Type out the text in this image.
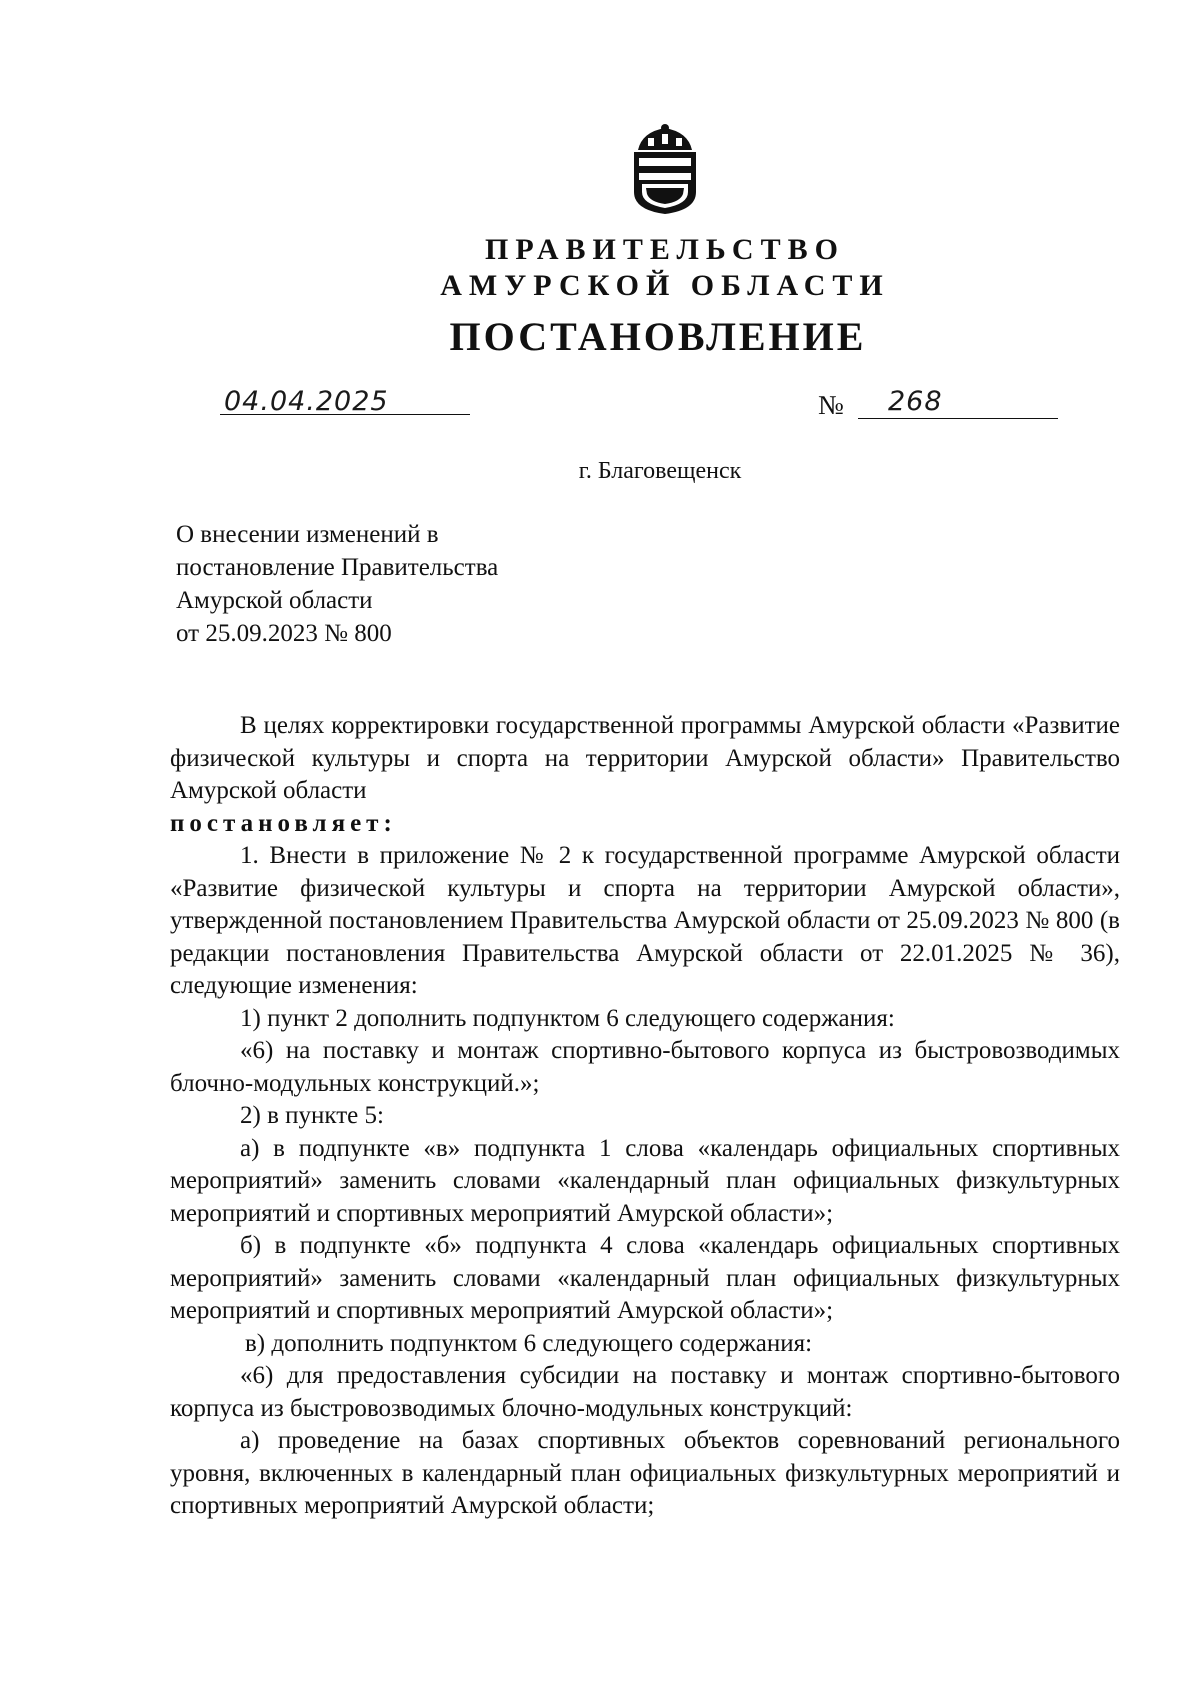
ПРАВИТЕЛЬСТВО
АМУРСКОЙ ОБЛАСТИ
ПОСТАНОВЛЕНИЕ
04.04.2025	№ 268
г. Благовещенск
О внесении изменений в
постановление Правительства
Амурской области
от 25.09.2023 № 800

В целях корректировки государственной программы Амурской области «Развитие физической культуры и спорта на территории Амурской области» Правительство Амурской области

постановляет:

1. Внести в приложение № 2 к государственной программе Амурской области «Развитие физической культуры и спорта на территории Амурской области», утвержденной постановлением Правительства Амурской области от 25.09.2023 № 800 (в редакции постановления Правительства Амурской области от 22.01.2025 № 36), следующие изменения:

1) пункт 2 дополнить подпунктом 6 следующего содержания:

«6) на поставку и монтаж спортивно-бытового корпуса из быстровозводимых блочно-модульных конструкций.»;

2) в пункте 5:

а) в подпункте «в» подпункта 1 слова «календарь официальных спортивных мероприятий» заменить словами «календарный план официальных физкультурных мероприятий и спортивных мероприятий Амурской области»;

б) в подпункте «б» подпункта 4 слова «календарь официальных спортивных мероприятий» заменить словами «календарный план официальных физкультурных мероприятий и спортивных мероприятий Амурской области»;

в) дополнить подпунктом 6 следующего содержания:

«6) для предоставления субсидии на поставку и монтаж спортивно-бытового корпуса из быстровозводимых блочно-модульных конструкций:

а) проведение на базах спортивных объектов соревнований регионального уровня, включенных в календарный план официальных физкультурных мероприятий и спортивных мероприятий Амурской области;
